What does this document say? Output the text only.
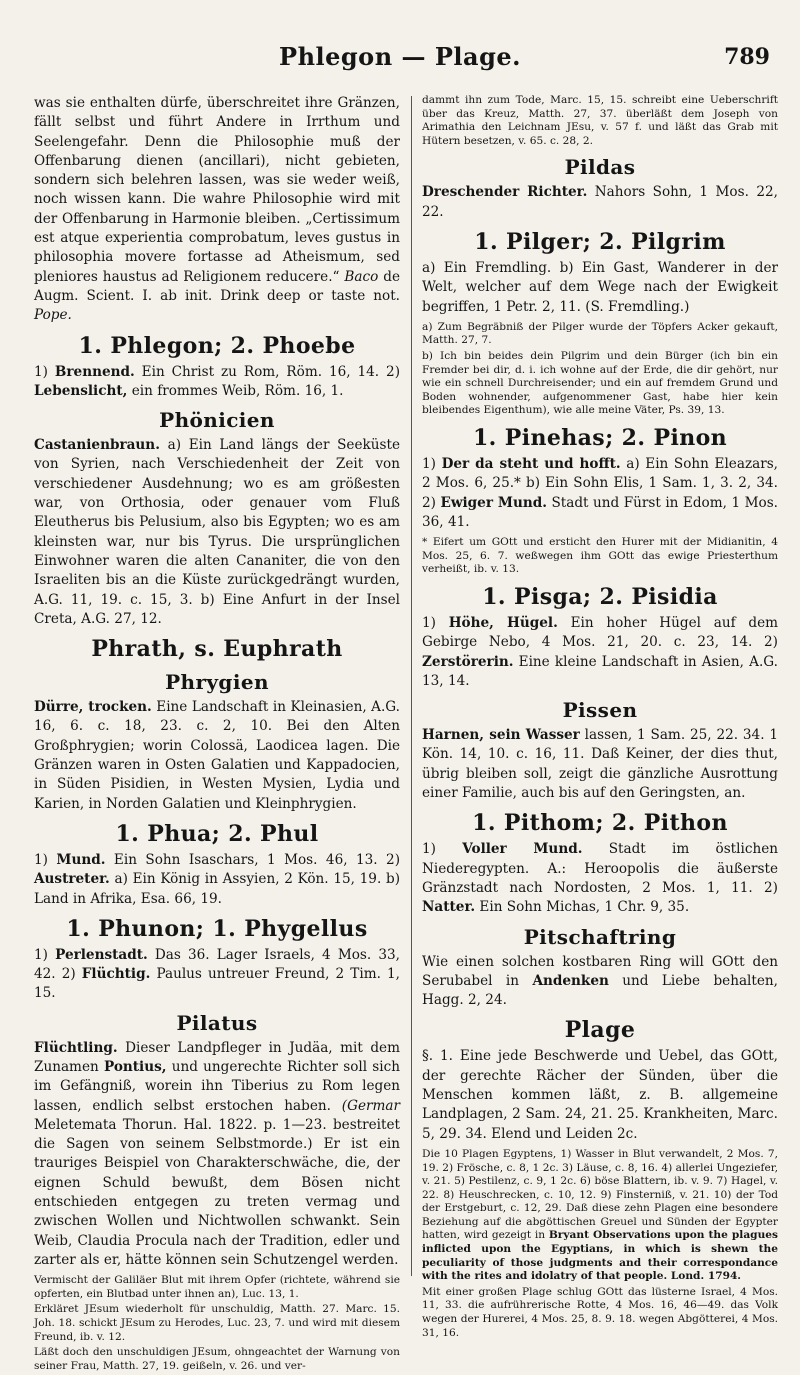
Phlegon — Plage.	789

was sie enthalten dürfe, überschreitet ihre Gränzen, fällt selbst und führt Andere in Irrthum und Seelengefahr. Denn die Philosophie muß der Offenbarung dienen (ancillari), nicht gebieten, sondern sich belehren lassen, was sie weder weiß, noch wissen kann. Die wahre Philosophie wird mit der Offenbarung in Harmonie bleiben. „Certissimum est atque experientia comprobatum, leves gustus in philosophia movere fortasse ad Atheismum, sed pleniores haustus ad Religionem reducere.“ Baco de Augm. Scient. I. ab init. Drink deep or taste not. Pope.

1. Phlegon; 2. Phoebe

1) Brennend. Ein Christ zu Rom, Röm. 16, 14. 2) Lebenslicht, ein frommes Weib, Röm. 16, 1.

Phönicien

Castanienbraun. a) Ein Land längs der Seeküste von Syrien, nach Verschiedenheit der Zeit von verschiedener Ausdehnung; wo es am größesten war, von Orthosia, oder genauer vom Fluß Eleutherus bis Pelusium, also bis Egypten; wo es am kleinsten war, nur bis Tyrus. Die ursprünglichen Einwohner waren die alten Cananiter, die von den Israeliten bis an die Küste zurückgedrängt wurden, A.G. 11, 19. c. 15, 3. b) Eine Anfurt in der Insel Creta, A.G. 27, 12.

Phrath, s. Euphrath
Phrygien

Dürre, trocken. Eine Landschaft in Kleinasien, A.G. 16, 6. c. 18, 23. c. 2, 10. Bei den Alten Großphrygien; worin Colossä, Laodicea lagen. Die Gränzen waren in Osten Galatien und Kappadocien, in Süden Pisidien, in Westen Mysien, Lydia und Karien, in Norden Galatien und Kleinphrygien.

1. Phua; 2. Phul

1) Mund. Ein Sohn Isaschars, 1 Mos. 46, 13. 2) Austreter. a) Ein König in Assyien, 2 Kön. 15, 19. b) Land in Afrika, Esa. 66, 19.

1. Phunon; 1. Phygellus

1) Perlenstadt. Das 36. Lager Israels, 4 Mos. 33, 42. 2) Flüchtig. Paulus untreuer Freund, 2 Tim. 1, 15.

Pilatus

Flüchtling. Dieser Landpfleger in Judäa, mit dem Zunamen Pontius, und ungerechte Richter soll sich im Gefängniß, worein ihn Tiberius zu Rom legen lassen, endlich selbst erstochen haben. (Germar Meletemata Thorun. Hal. 1822. p. 1—23. bestreitet die Sagen von seinem Selbstmorde.) Er ist ein trauriges Beispiel von Charakterschwäche, die, der eignen Schuld bewußt, dem Bösen nicht entschieden entgegen zu treten vermag und zwischen Wollen und Nichtwollen schwankt. Sein Weib, Claudia Procula nach der Tradition, edler und zarter als er, hätte können sein Schutzengel werden.

Vermischt der Galiläer Blut mit ihrem Opfer (richtete, während sie opferten, ein Blutbad unter ihnen an), Luc. 13, 1.

Erkläret JEsum wiederholt für unschuldig, Matth. 27. Marc. 15. Joh. 18. schickt JEsum zu Herodes, Luc. 23, 7. und wird mit diesem Freund, ib. v. 12.

Läßt doch den unschuldigen JEsum, ohngeachtet der Warnung von seiner Frau, Matth. 27, 19. geißeln, v. 26. und ver-

dammt ihn zum Tode, Marc. 15, 15. schreibt eine Ueberschrift über das Kreuz, Matth. 27, 37. überläßt dem Joseph von Arimathia den Leichnam JEsu, v. 57 f. und läßt das Grab mit Hütern besetzen, v. 65. c. 28, 2.

Pildas

Dreschender Richter. Nahors Sohn, 1 Mos. 22, 22.

1. Pilger; 2. Pilgrim

a) Ein Fremdling. b) Ein Gast, Wanderer in der Welt, welcher auf dem Wege nach der Ewigkeit begriffen, 1 Petr. 2, 11. (S. Fremdling.)

a) Zum Begräbniß der Pilger wurde der Töpfers Acker gekauft, Matth. 27, 7.

b) Ich bin beides dein Pilgrim und dein Bürger (ich bin ein Fremder bei dir, d. i. ich wohne auf der Erde, die dir gehört, nur wie ein schnell Durchreisender; und ein auf fremdem Grund und Boden wohnender, aufgenommener Gast, habe hier kein bleibendes Eigenthum), wie alle meine Väter, Ps. 39, 13.

1. Pinehas; 2. Pinon

1) Der da steht und hofft. a) Ein Sohn Eleazars, 2 Mos. 6, 25.* b) Ein Sohn Elis, 1 Sam. 1, 3. 2, 34. 2) Ewiger Mund. Stadt und Fürst in Edom, 1 Mos. 36, 41.

* Eifert um GOtt und ersticht den Hurer mit der Midianitin, 4 Mos. 25, 6. 7. weßwegen ihm GOtt das ewige Priesterthum verheißt, ib. v. 13.

1. Pisga; 2. Pisidia

1) Höhe, Hügel. Ein hoher Hügel auf dem Gebirge Nebo, 4 Mos. 21, 20. c. 23, 14. 2) Zerstörerin. Eine kleine Landschaft in Asien, A.G. 13, 14.

Pissen

Harnen, sein Wasser lassen, 1 Sam. 25, 22. 34. 1 Kön. 14, 10. c. 16, 11. Daß Keiner, der dies thut, übrig bleiben soll, zeigt die gänzliche Ausrottung einer Familie, auch bis auf den Geringsten, an.

1. Pithom; 2. Pithon

1) Voller Mund. Stadt im östlichen Niederegypten. A.: Heroopolis die äußerste Gränzstadt nach Nordosten, 2 Mos. 1, 11. 2) Natter. Ein Sohn Michas, 1 Chr. 9, 35.

Pitschaftring

Wie einen solchen kostbaren Ring will GOtt den Serubabel in Andenken und Liebe behalten, Hagg. 2, 24.

Plage

§. 1. Eine jede Beschwerde und Uebel, das GOtt, der gerechte Rächer der Sünden, über die Menschen kommen läßt, z. B. allgemeine Landplagen, 2 Sam. 24, 21. 25. Krankheiten, Marc. 5, 29. 34. Elend und Leiden 2c.

Die 10 Plagen Egyptens, 1) Wasser in Blut verwandelt, 2 Mos. 7, 19. 2) Frösche, c. 8, 1 2c. 3) Läuse, c. 8, 16. 4) allerlei Ungeziefer, v. 21. 5) Pestilenz, c. 9, 1 2c. 6) böse Blattern, ib. v. 9. 7) Hagel, v. 22. 8) Heuschrecken, c. 10, 12. 9) Finsterniß, v. 21. 10) der Tod der Erstgeburt, c. 12, 29. Daß diese zehn Plagen eine besondere Beziehung auf die abgöttischen Greuel und Sünden der Egypter hatten, wird gezeigt in Bryant Observations upon the plagues inflicted upon the Egyptians, in which is shewn the peculiarity of those judgments and their correspondance with the rites and idolatry of that people. Lond. 1794.

Mit einer großen Plage schlug GOtt das lüsterne Israel, 4 Mos. 11, 33. die aufrührerische Rotte, 4 Mos. 16, 46—49. das Volk wegen der Hurerei, 4 Mos. 25, 8. 9. 18. wegen Abgötterei, 4 Mos. 31, 16.
